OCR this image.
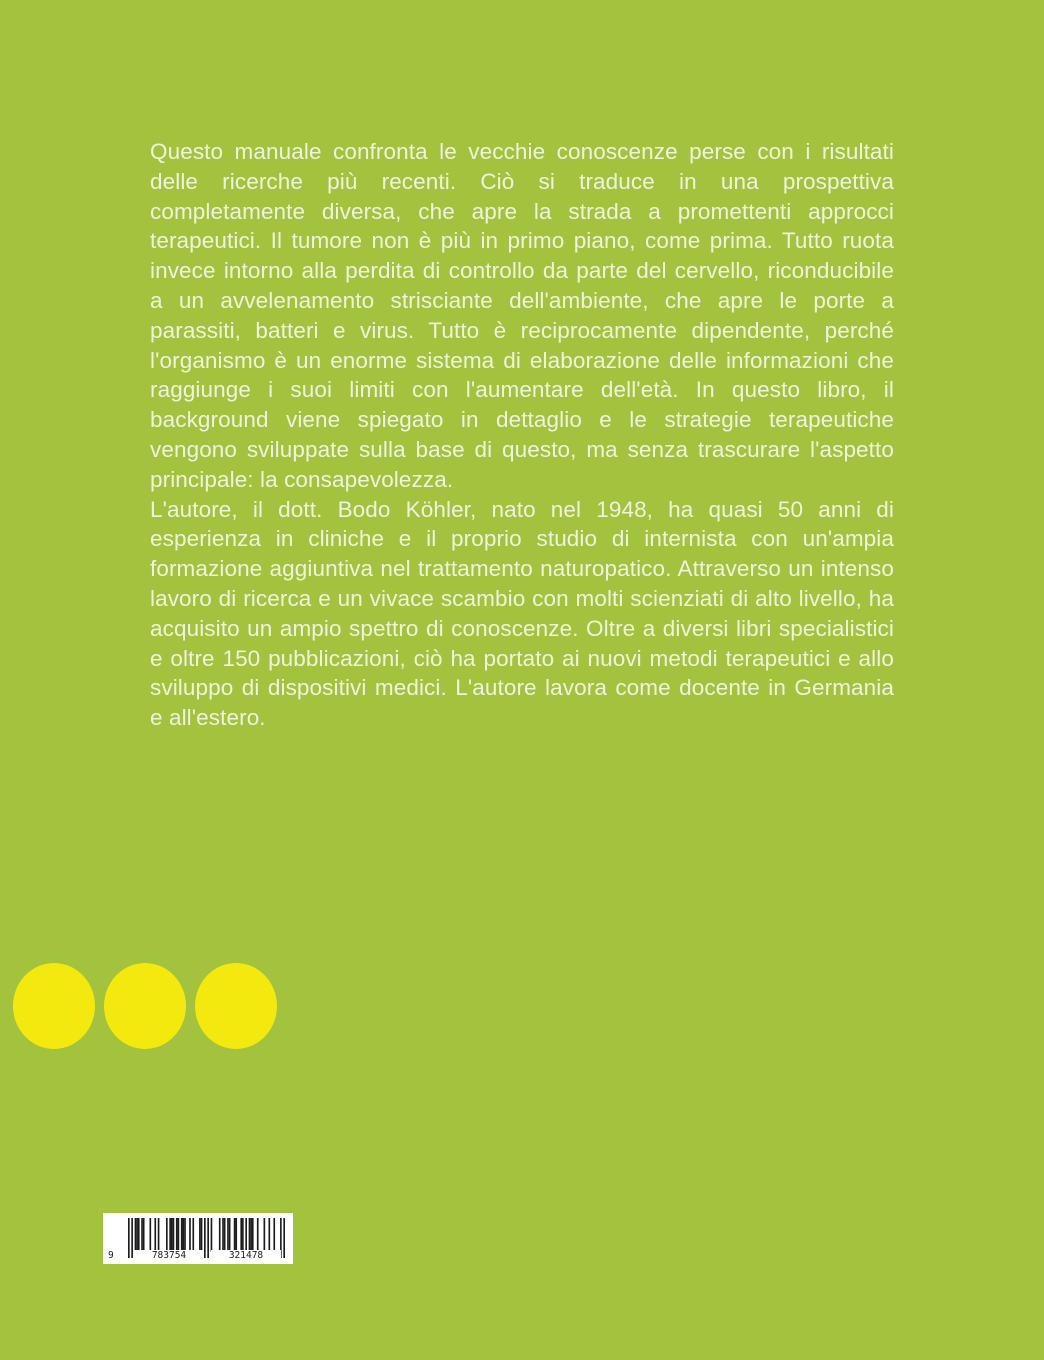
Questo manuale confronta le vecchie conoscenze perse con i risultati delle ricerche più recenti. Ciò si traduce in una prospettiva completamente diversa, che apre la strada a promettenti approcci terapeutici. Il tumore non è più in primo piano, come prima. Tutto ruota invece intorno alla perdita di controllo da parte del cervello, riconducibile a un avvelenamento strisciante dell'ambiente, che apre le porte a parassiti, batteri e virus. Tutto è reciprocamente dipendente, perché l'organismo è un enorme sistema di elaborazione delle informazioni che raggiunge i suoi limiti con l'aumentare dell'età. In questo libro, il background viene spiegato in dettaglio e le strategie terapeutiche vengono sviluppate sulla base di questo, ma senza trascurare l'aspetto principale: la consapevolezza.

L'autore, il dott. Bodo Köhler, nato nel 1948, ha quasi 50 anni di esperienza in cliniche e il proprio studio di internista con un'ampia formazione aggiuntiva nel trattamento naturopatico. Attraverso un intenso lavoro di ricerca e un vivace scambio con molti scienziati di alto livello, ha acquisito un ampio spettro di conoscenze. Oltre a diversi libri specialistici e oltre 150 pubblicazioni, ciò ha portato ai nuovi metodi terapeutici e allo sviluppo di dispositivi medici. L'autore lavora come docente in Germania e all'estero.

9	783754	321478
